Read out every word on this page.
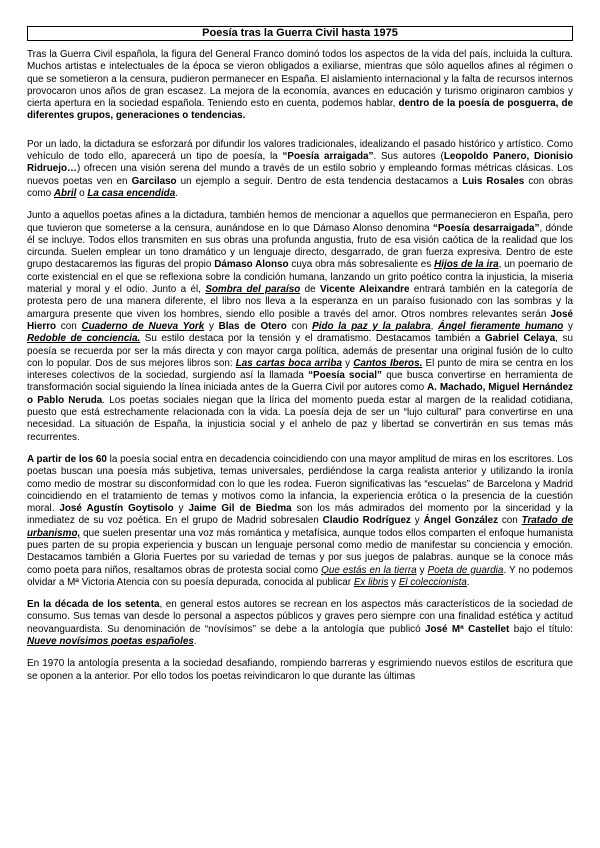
Poesía tras la Guerra Civil hasta 1975

Tras la Guerra Civil española, la figura del General Franco dominó todos los aspectos de la vida del país, incluida la cultura. Muchos artistas e intelectuales de la época se vieron obligados a exiliarse, mientras que sólo aquellos afines al régimen o que se sometieron a la censura, pudieron permanecer en España. El aislamiento internacional y la falta de recursos internos provocaron unos años de gran escasez. La mejora de la economía, avances en educación y turismo originaron cambios y cierta apertura en la sociedad española. Teniendo esto en cuenta, podemos hablar, dentro de la poesía de posguerra, de diferentes grupos, generaciones o tendencias.

Por un lado, la dictadura se esforzará por difundir los valores tradicionales, idealizando el pasado histórico y artístico. Como vehículo de todo ello, aparecerá un tipo de poesía, la “Poesía arraigada”. Sus autores (Leopoldo Panero, Dionisio Ridruejo…) ofrecen una visión serena del mundo a través de un estilo sobrio y empleando formas métricas clásicas. Los nuevos poetas ven en Garcilaso un ejemplo a seguir. Dentro de esta tendencia destacamos a Luis Rosales con obras como Abril o La casa encendida.

Junto a aquellos poetas afines a la dictadura, también hemos de mencionar a aquellos que permanecieron en España, pero que tuvieron que someterse a la censura, aunándose en lo que Dámaso Alonso denomina “Poesía desarraigada”, dónde él se incluye. Todos ellos transmiten en sus obras una profunda angustia, fruto de esa visión caótica de la realidad que los circunda. Suelen emplear un tono dramático y un lenguaje directo, desgarrado, de gran fuerza expresiva. Dentro de este grupo destacaremos las figuras del propio Dámaso Alonso cuya obra más sobresaliente es Hijos de la ira, un poemario de corte existencial en el que se reflexiona sobre la condición humana, lanzando un grito poético contra la injusticia, la miseria material y moral y el odio. Junto a él, Sombra del paraíso de Vicente Aleixandre entrará también en la categoría de protesta pero de una manera diferente, el libro nos lleva a la esperanza en un paraíso fusionado con las sombras y la amargura presente que viven los hombres, siendo ello posible a través del amor. Otros nombres relevantes serán José Hierro con Cuaderno de Nueva York y Blas de Otero con Pido la paz y la palabra, Ángel fieramente humano y Redoble de conciencia. Su estilo destaca por la tensión y el dramatismo. Destacamos también a Gabriel Celaya, su poesía se recuerda por ser la más directa y con mayor carga política, además de presentar una original fusión de lo culto con lo popular. Dos de sus mejores libros son: Las cartas boca arriba y Cantos Iberos. El punto de mira se centra en los intereses colectivos de la sociedad, surgiendo así la llamada “Poesía social” que busca convertirse en herramienta de transformación social siguiendo la línea iniciada antes de la Guerra Civil por autores como A. Machado, Miguel Hernández o Pablo Neruda. Los poetas sociales niegan que la lírica del momento pueda estar al margen de la realidad cotidiana, puesto que está estrechamente relacionada con la vida. La poesía deja de ser un “lujo cultural” para convertirse en una necesidad. La situación de España, la injusticia social y el anhelo de paz y libertad se convertirán en sus temas más recurrentes.

A partir de los 60 la poesía social entra en decadencia coincidiendo con una mayor amplitud de miras en los escritores. Los poetas buscan una poesía más subjetiva, temas universales, perdiéndose la carga realista anterior y utilizando la ironía como medio de mostrar su disconformidad con lo que les rodea. Fueron significativas las “escuelas” de Barcelona y Madrid coincidiendo en el tratamiento de temas y motivos como la infancia, la experiencia erótica o la presencia de la cuestión moral. José Agustín Goytisolo y Jaime Gil de Biedma son los más admirados del momento por la sinceridad y la inmediatez de su voz poética. En el grupo de Madrid sobresalen Claudio Rodríguez y Ángel González con Tratado de urbanismo, que suelen presentar una voz más romántica y metafísica, aunque todos ellos comparten el enfoque humanista pues parten de su propia experiencia y buscan un lenguaje personal como medio de manifestar su conciencia y emoción. Destacamos también a Gloria Fuertes por su variedad de temas y por sus juegos de palabras. aunque se la conoce más como poeta para niños, resaltamos obras de protesta social como Que estás en la tierra y Poeta de guardia. Y no podemos olvidar a Mª Victoria Atencia con su poesía depurada, conocida al publicar Ex libris y El coleccionista.

En la década de los setenta, en general estos autores se recrean en los aspectos más característicos de la sociedad de consumo. Sus temas van desde lo personal a aspectos públicos y graves pero siempre con una finalidad estética y actitud neovanguardista. Su denominación de “novísimos” se debe a la antología que publicó José Mª Castellet bajo el título: Nueve novísimos poetas españoles.

En 1970 la antología presenta a la sociedad desafiando, rompiendo barreras y esgrimiendo nuevos estilos de escritura que se oponen a la anterior. Por ello todos los poetas reivindicaron lo que durante las últimas
